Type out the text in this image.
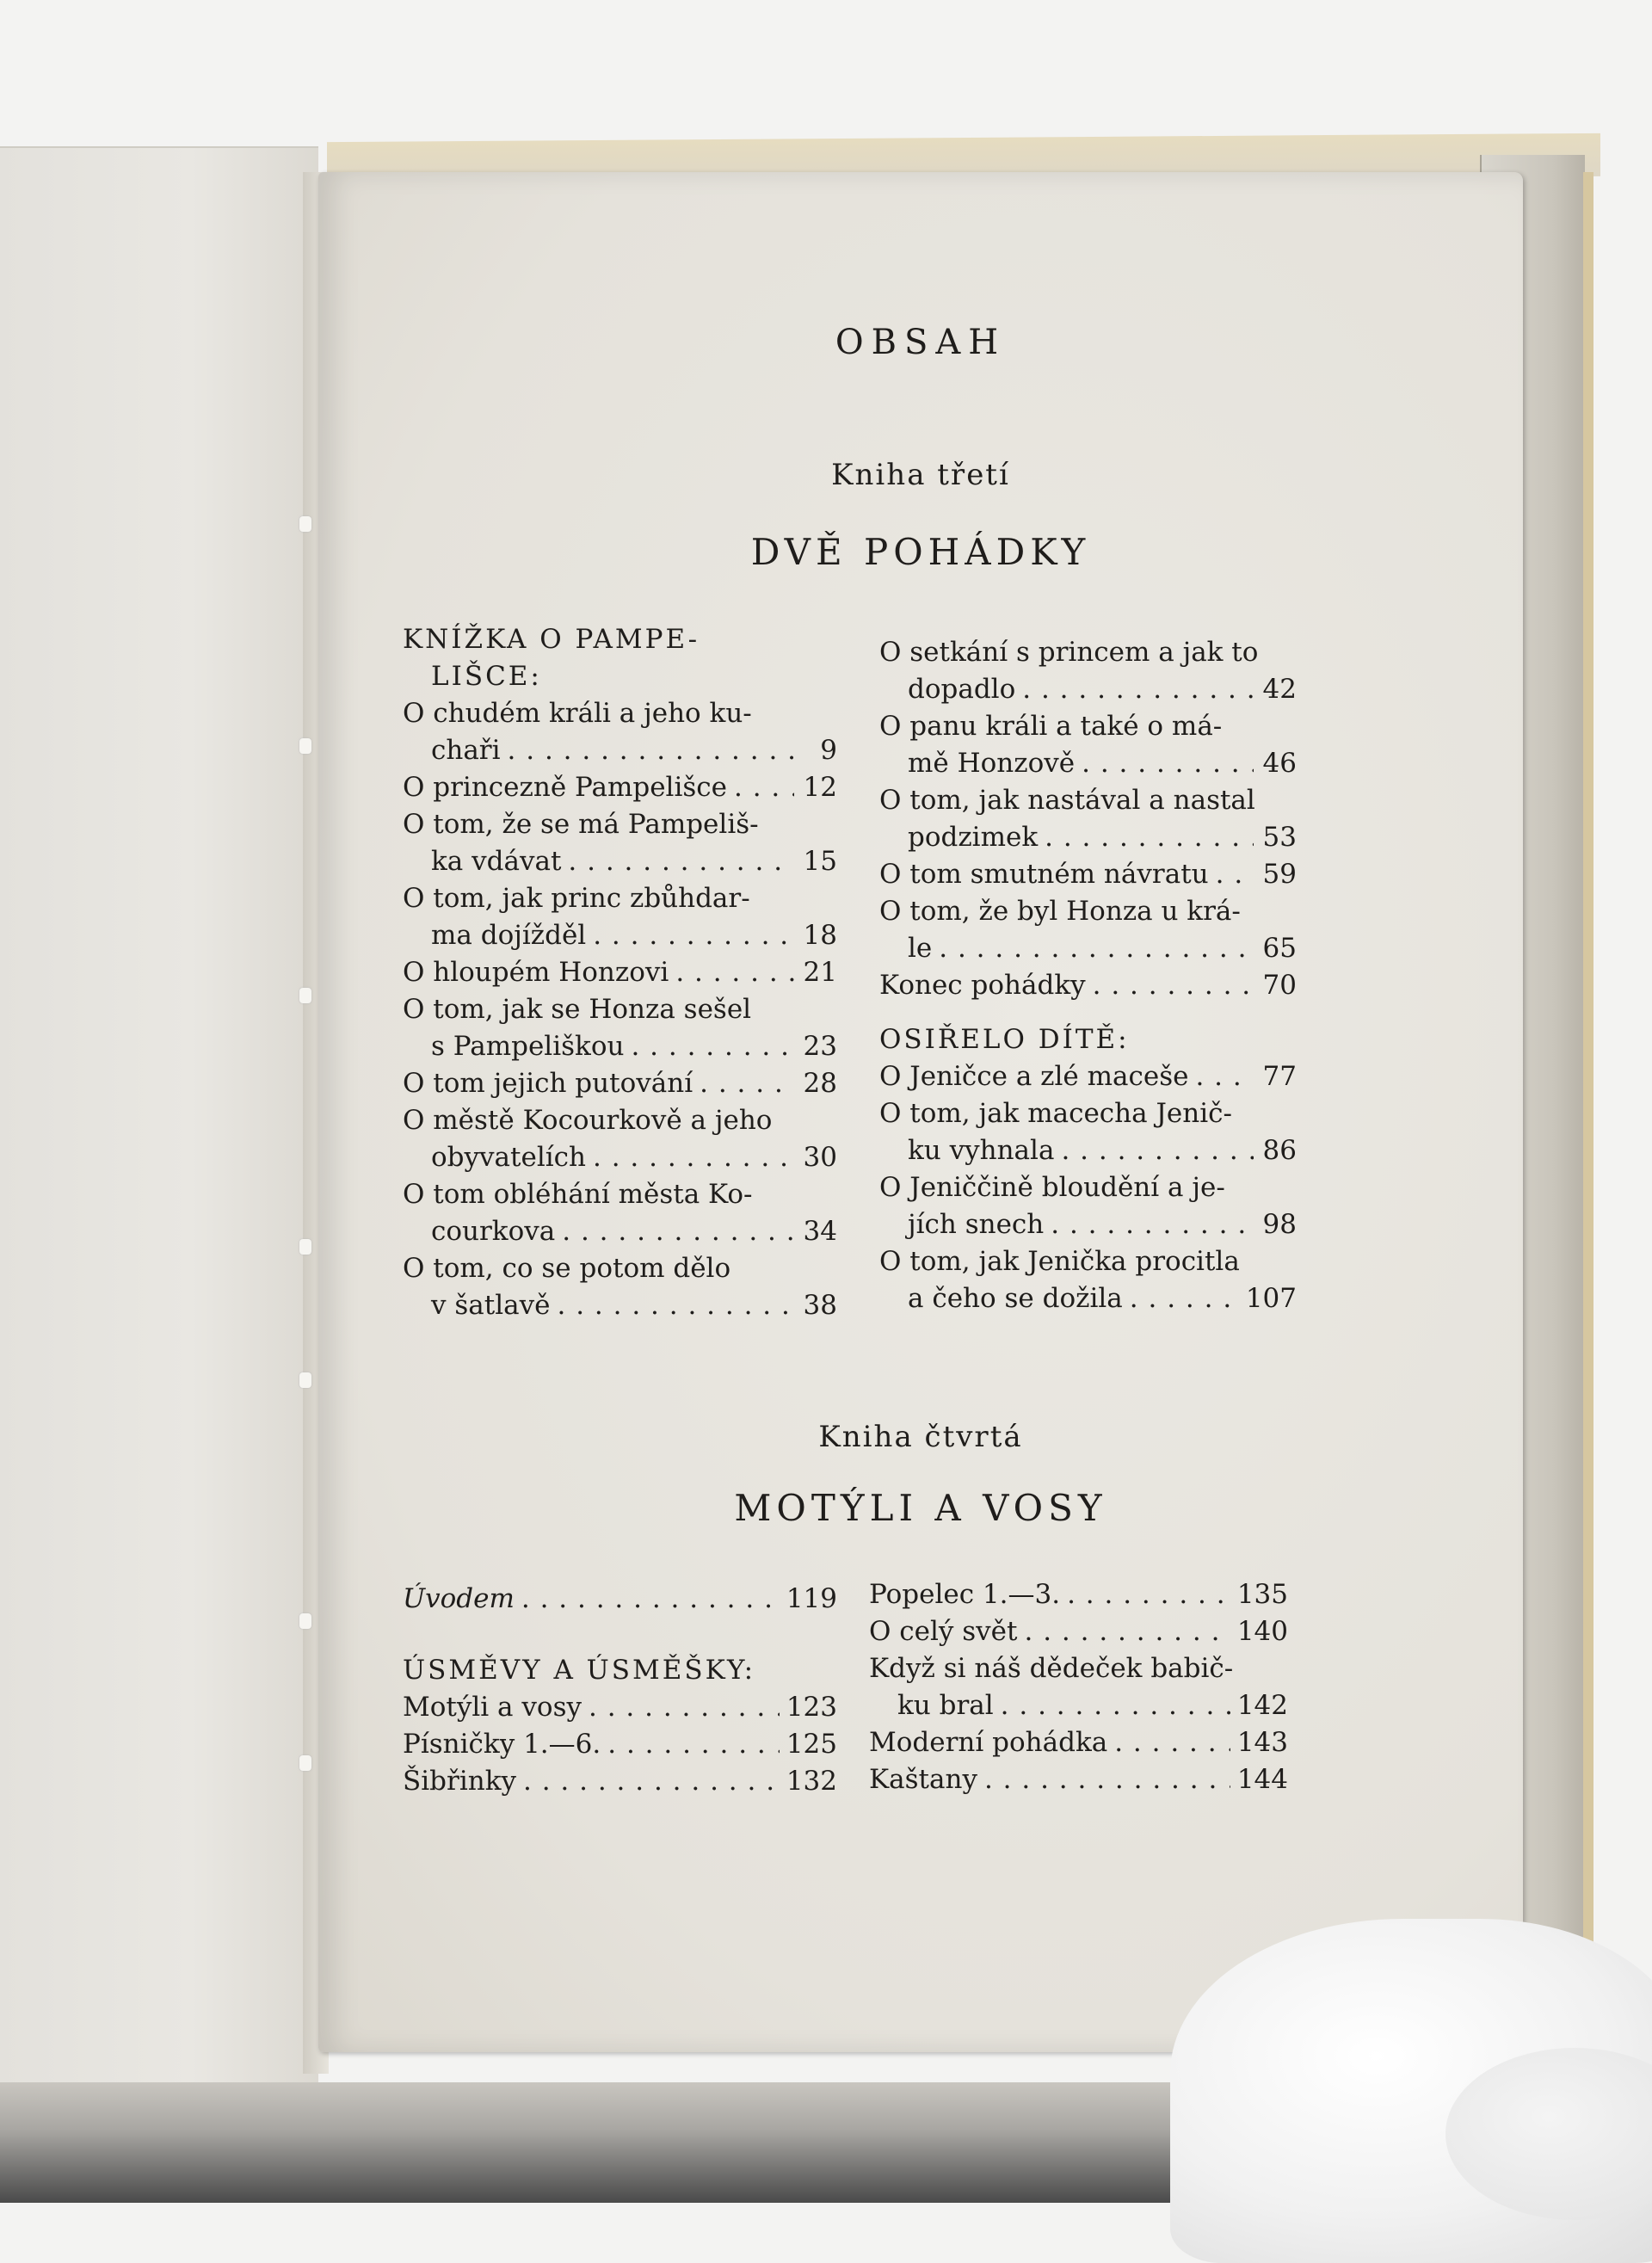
OBSAH
Kniha třetí
DVĚ POHÁDKY
KNÍŽKA O PAMPE-
LIŠCE:
O chudém králi a jeho ku-
chaři . . .	9
O princezně Pampelišce . . .	12
O tom, že se má Pampeliš-
ka vdávat . . .	15
O tom, jak princ zbůhdar-
ma dojížděl . . .	18
O hloupém Honzovi . . .	21
O tom, jak se Honza sešel
s Pampeliškou . . .	23
O tom jejich putování . . .	28
O městě Kocourkově a jeho
obyvatelích . . .	30
O tom obléhání města Ko-
courkova . . .	34
O tom, co se potom dělo
v šatlavě . . .	38
O setkání s princem a jak to
dopadlo . . .	42
O panu králi a také o má-
mě Honzově . . .	46
O tom, jak nastával a nastal
podzimek . . .	53
O tom smutném návratu . . . 59
O tom, že byl Honza u krá-
le . . .	65
Konec pohádky . . .	70
OSIŘELO DÍTĚ:
O Jeničce a zlé maceše . . .	77
O tom, jak macecha Jenič-
ku vyhnala . . .	86
O Jeniččině bloudění a je-
jích snech . . .	98
O tom, jak Jenička procitla
a čeho se dožila . . .	107
Kniha čtvrtá
MOTÝLI A VOSY
Úvodem . . .	119
ÚSMĚVY A ÚSMĚŠKY:
Motýli a vosy . . .	123
Písničky 1.—6. . . .	125
Šibřinky . . .	132
Popelec 1.—3. . . .	135
O celý svět . . .	140
Když si náš dědeček babič-
ku bral . . .	142
Moderní pohádka . . .	143
Kaštany . . .	144
